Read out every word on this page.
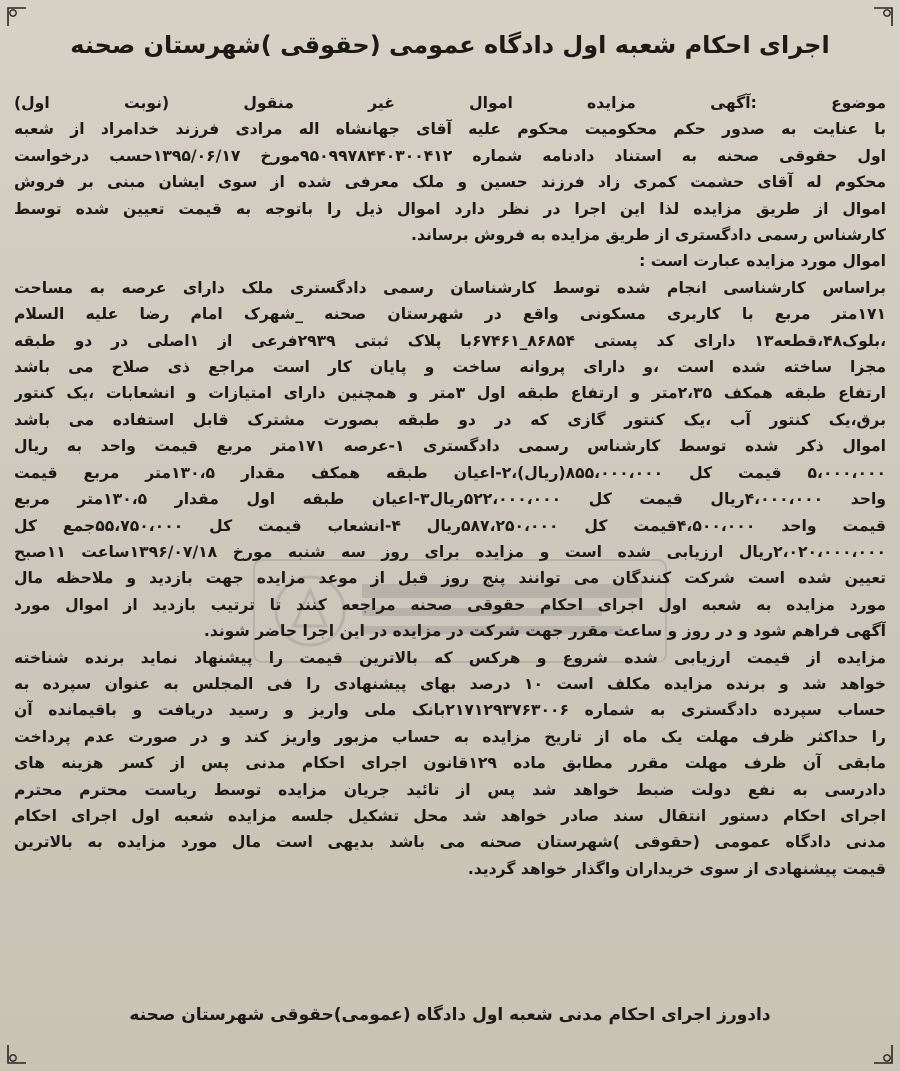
اجرای احکام شعبه اول دادگاه عمومی (حقوقی )شهرستان صحنه
موضوع :آگهی مزایده اموال غیر منقول (نوبت اول)
با عنایت به صدور حکم محکومیت محکوم علیه آقای جهانشاه اله مرادی فرزند خدامراد از شعبه
اول حقوقی صحنه به استناد دادنامه شماره ۹۵۰۹۹۷۸۴۴۰۳۰۰۴۱۲مورخ ۱۳۹۵/۰۶/۱۷حسب درخواست
محکوم له آقای حشمت کمری زاد فرزند حسین و ملک معرفی شده از سوی ایشان مبنی بر فروش
اموال از طریق مزایده لذا این اجرا در نظر دارد اموال ذیل را باتوجه به قیمت تعیین شده توسط
کارشناس رسمی دادگستری از طریق مزایده به فروش برساند.
اموال مورد مزایده عبارت است :
براساس کارشناسی انجام شده توسط کارشناسان رسمی دادگستری ملک دارای عرصه به مساحت
۱۷۱متر مربع با کاربری مسکونی واقع در شهرستان صحنه _شهرک امام رضا علیه السلام
،بلوک۴۸،قطعه۱۳ دارای کد پستی ۸۶۸۵۴_۶۷۴۶۱با پلاک ثبتی ۲۹۳۹فرعی از ۱اصلی در دو طبقه
مجزا ساخته شده است ،و دارای پروانه ساخت و پایان کار است مراجع ذی صلاح می باشد
ارتفاع طبقه همکف ۲،۳۵متر و ارتفاع طبقه اول ۳متر و همچنین دارای امتیازات و انشعابات ،یک کنتور
برق،یک کنتور آب ،یک کنتور گازی که در دو طبقه بصورت مشترک قابل استفاده می باشد
اموال ذکر شده توسط کارشناس رسمی دادگستری ۱-عرصه ۱۷۱متر مربع قیمت واحد به ریال
۵،۰۰۰،۰۰۰ قیمت کل ۸۵۵،۰۰۰،۰۰۰(ریال)،۲-اعیان طبقه همکف مقدار ۱۳۰،۵متر مربع قیمت
واحد ۴،۰۰۰،۰۰۰ریال قیمت کل ۵۲۲،۰۰۰،۰۰۰ریال۳-اعیان طبقه اول مقدار ۱۳۰،۵متر مربع
قیمت واحد ۴،۵۰۰،۰۰۰قیمت کل ۵۸۷،۲۵۰،۰۰۰ریال ۴-انشعاب قیمت کل ۵۵،۷۵۰،۰۰۰جمع کل
۲،۰۲۰،۰۰۰،۰۰۰ریال ارزیابی شده است و مزایده برای روز سه شنبه مورخ ۱۳۹۶/۰۷/۱۸ساعت ۱۱صبح
تعیین شده است شرکت کنندگان می توانند پنج روز قبل از موعد مزایده جهت بازدید و ملاحظه مال
مورد مزایده به شعبه اول اجرای احکام حقوقی صحنه مراجعه کنند تا ترتیب بازدید از اموال مورد
آگهی فراهم شود و در روز و ساعت مقرر جهت شرکت در مزایده در این اجرا حاضر شوند.
مزایده از قیمت ارزیابی شده شروع و هرکس که بالاترین قیمت را پیشنهاد نماید برنده شناخته
خواهد شد و برنده مزایده مکلف است ۱۰ درصد بهای پیشنهادی را فی المجلس به عنوان سپرده به
حساب سپرده دادگستری به شماره ۲۱۷۱۲۹۳۷۶۳۰۰۶بانک ملی واریز و رسید دریافت و باقیمانده آن
را حداکثر ظرف مهلت یک ماه از تاریخ مزایده به حساب مزبور واریز کند و در صورت عدم پرداخت
مابقی آن ظرف مهلت مقرر مطابق ماده ۱۲۹قانون اجرای احکام مدنی پس از کسر هزینه های
دادرسی به نفع دولت ضبط خواهد شد پس از تائید جریان مزایده توسط ریاست محترم محترم
اجرای احکام دستور انتقال سند صادر خواهد شد محل تشکیل جلسه مزایده شعبه اول اجرای احکام
مدنی دادگاه عمومی (حقوقی )شهرستان صحنه می باشد بدیهی است مال مورد مزایده به بالاترین
قیمت پیشنهادی از سوی خریداران واگذار خواهد گردید.
دادورز اجرای احکام مدنی شعبه اول دادگاه (عمومی)حقوقی شهرستان صحنه
